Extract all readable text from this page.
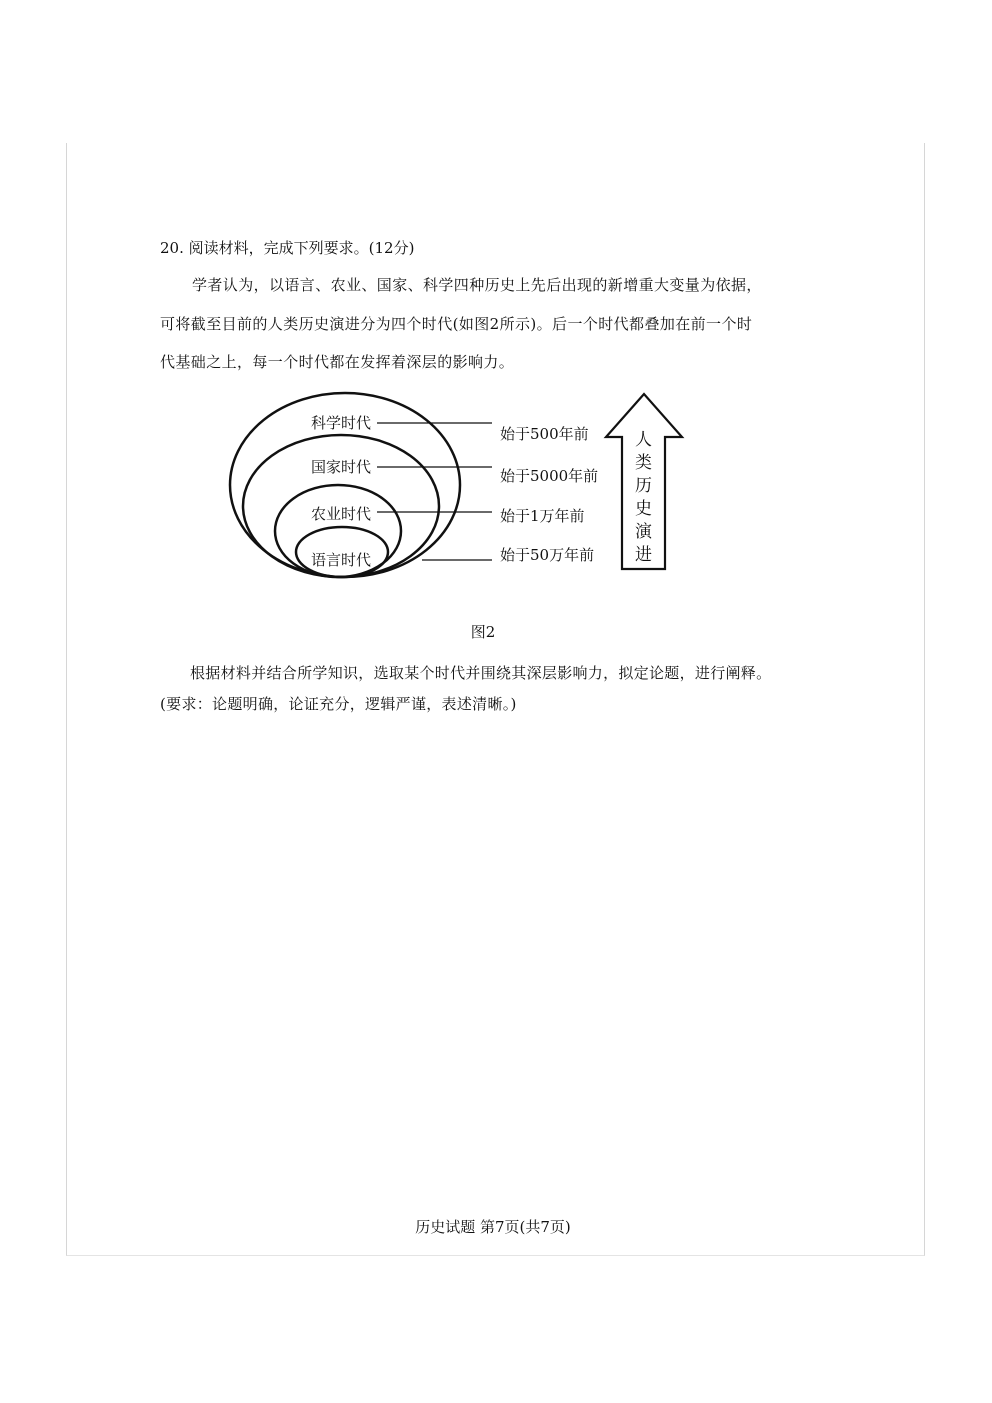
20. 阅读材料，完成下列要求。(12分)
学者认为，以语言、农业、国家、科学四种历史上先后出现的新增重大变量为依据，
可将截至目前的人类历史演进分为四个时代(如图2所示)。后一个时代都叠加在前一个时
代基础之上，每一个时代都在发挥着深层的影响力。
科学时代
国家时代
农业时代
语言时代
始于500年前
始于5000年前
始于1万年前
始于50万年前
人
类
历
史
演
进
图2
根据材料并结合所学知识，选取某个时代并围绕其深层影响力，拟定论题，进行阐释。
(要求：论题明确，论证充分，逻辑严谨，表述清晰。)
历史试题 第7页(共7页)
